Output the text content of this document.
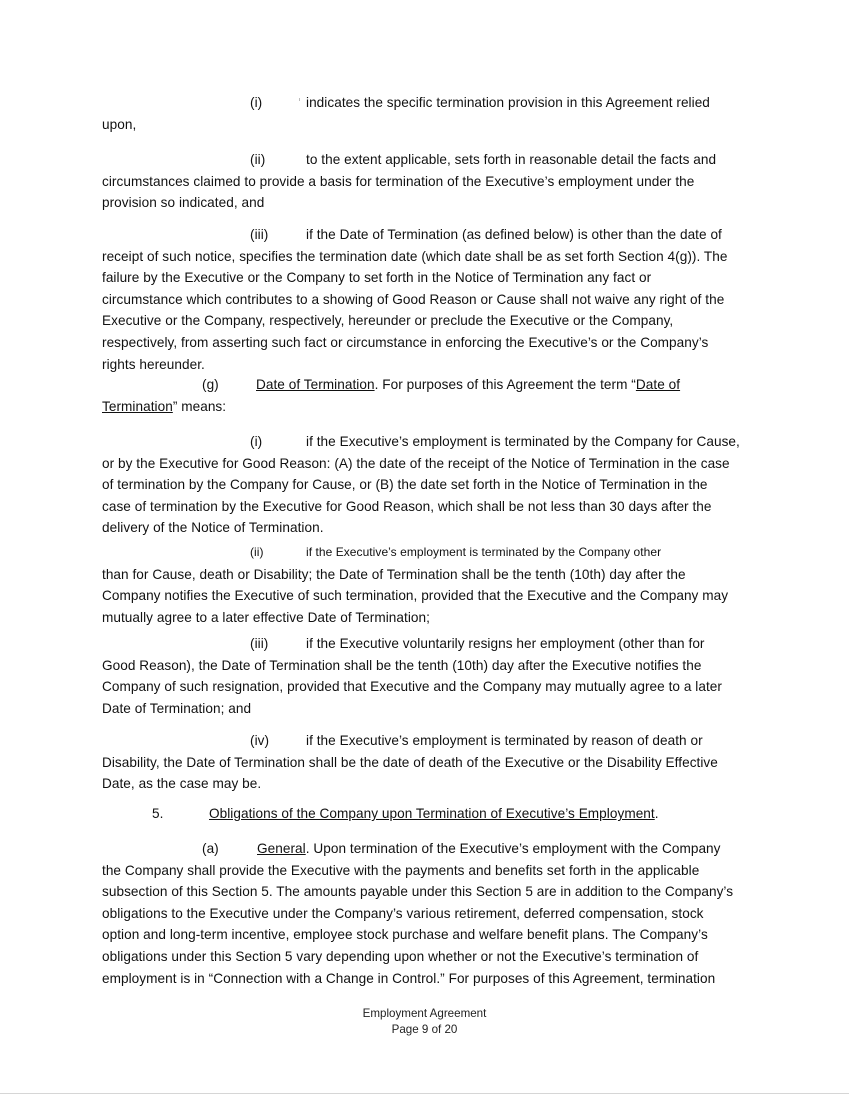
(i)	indicates the specific termination provision in this Agreement relied
upon,
(ii)	to the extent applicable, sets forth in reasonable detail the facts and
circumstances claimed to provide a basis for termination of the Executive’s employment under the
provision so indicated, and
(iii)	if the Date of Termination (as defined below) is other than the date of
receipt of such notice, specifies the termination date (which date shall be as set forth Section 4(g)). The
failure by the Executive or the Company to set forth in the Notice of Termination any fact or
circumstance which contributes to a showing of Good Reason or Cause shall not waive any right of the
Executive or the Company, respectively, hereunder or preclude the Executive or the Company,
respectively, from asserting such fact or circumstance in enforcing the Executive’s or the Company’s
rights hereunder.
(g)	Date of Termination. For purposes of this Agreement the term “Date of
Termination” means:
(i)	if the Executive’s employment is terminated by the Company for Cause,
or by the Executive for Good Reason: (A) the date of the receipt of the Notice of Termination in the case
of termination by the Company for Cause, or (B) the date set forth in the Notice of Termination in the
case of termination by the Executive for Good Reason, which shall be not less than 30 days after the
delivery of the Notice of Termination.
(ii)	if the Executive’s employment is terminated by the Company other
than for Cause, death or Disability; the Date of Termination shall be the tenth (10th) day after the
Company notifies the Executive of such termination, provided that the Executive and the Company may
mutually agree to a later effective Date of Termination;
(iii)	if the Executive voluntarily resigns her employment (other than for
Good Reason), the Date of Termination shall be the tenth (10th) day after the Executive notifies the
Company of such resignation, provided that Executive and the Company may mutually agree to a later
Date of Termination; and
(iv)	if the Executive’s employment is terminated by reason of death or
Disability, the Date of Termination shall be the date of death of the Executive or the Disability Effective
Date, as the case may be.
5.	Obligations of the Company upon Termination of Executive’s Employment.
(a)	General. Upon termination of the Executive’s employment with the Company
the Company shall provide the Executive with the payments and benefits set forth in the applicable
subsection of this Section 5. The amounts payable under this Section 5 are in addition to the Company’s
obligations to the Executive under the Company’s various retirement, deferred compensation, stock
option and long-term incentive, employee stock purchase and welfare benefit plans. The Company’s
obligations under this Section 5 vary depending upon whether or not the Executive’s termination of
employment is in “Connection with a Change in Control.” For purposes of this Agreement, termination
Employment Agreement
Page 9 of 20
